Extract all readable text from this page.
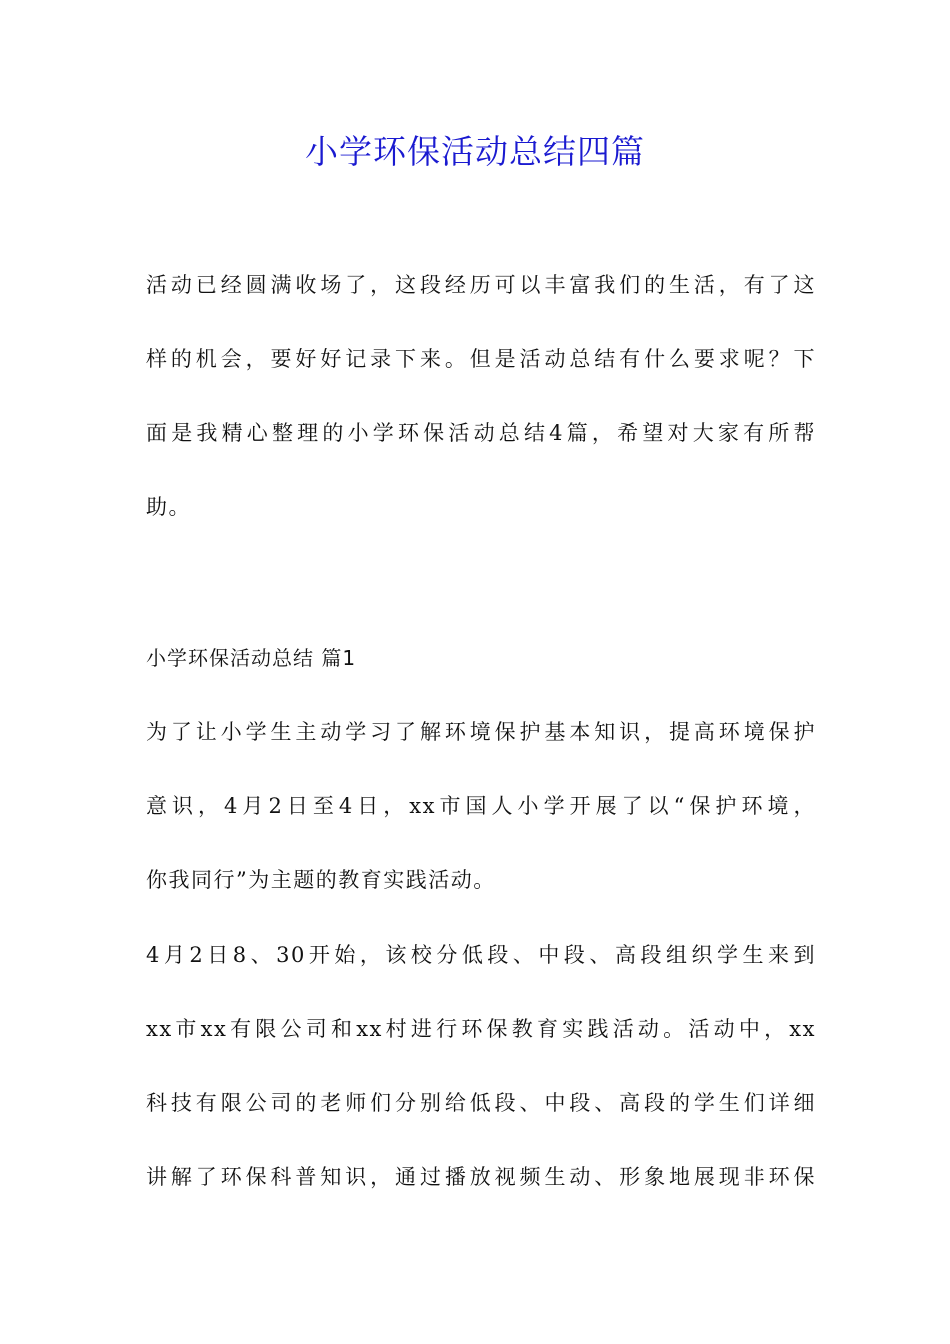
小学环保活动总结四篇

活动已经圆满收场了，这段经历可以丰富我们的生活，有了这

样的机会，要好好记录下来。但是活动总结有什么要求呢？下

面是我精心整理的小学环保活动总结4篇，希望对大家有所帮

助。

小学环保活动总结 篇1

为了让小学生主动学习了解环境保护基本知识，提高环境保护

意识，4月2日至4日，xx市国人小学开展了以“保护环境，

你我同行”为主题的教育实践活动。

4月2日8、30开始，该校分低段、中段、高段组织学生来到

xx市xx有限公司和xx村进行环保教育实践活动。活动中，xx

科技有限公司的老师们分别给低段、中段、高段的学生们详细

讲解了环保科普知识，通过播放视频生动、形象地展现非环保
